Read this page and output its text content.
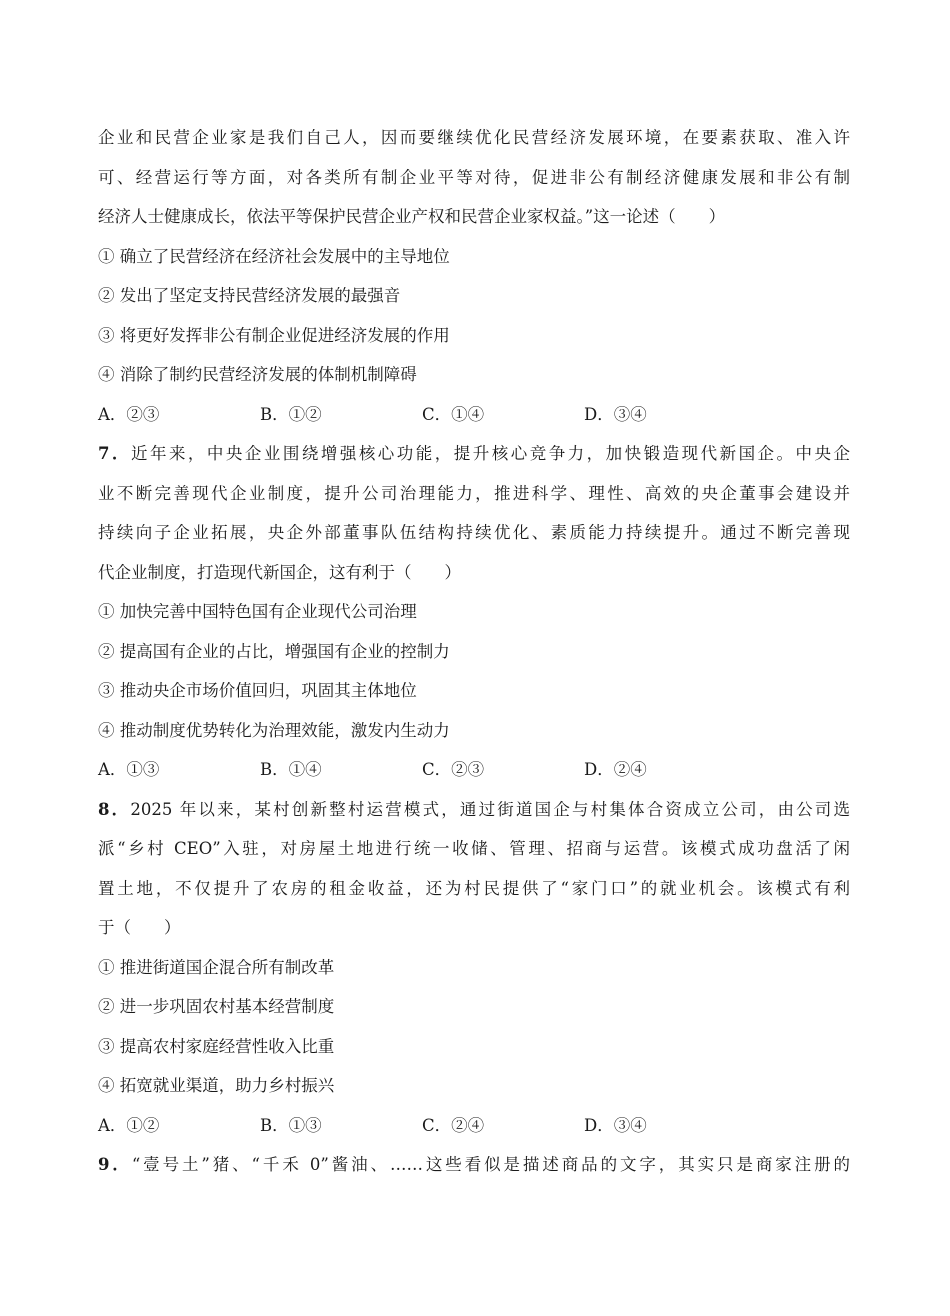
企业和民营企业家是我们自己人，因而要继续优化民营经济发展环境，在要素获取、准入许
可、经营运行等方面，对各类所有制企业平等对待，促进非公有制经济健康发展和非公有制
经济人士健康成长，依法平等保护民营企业产权和民营企业家权益。”这一论述（　　）
① 确立了民营经济在经济社会发展中的主导地位
② 发出了坚定支持民营经济发展的最强音
③ 将更好发挥非公有制企业促进经济发展的作用
④ 消除了制约民营经济发展的体制机制障碍
A．②③	B．①②	C．①④	D．③④
7．近年来，中央企业围绕增强核心功能，提升核心竞争力，加快锻造现代新国企。中央企
业不断完善现代企业制度，提升公司治理能力，推进科学、理性、高效的央企董事会建设并
持续向子企业拓展，央企外部董事队伍结构持续优化、素质能力持续提升。通过不断完善现
代企业制度，打造现代新国企，这有利于（　　）
① 加快完善中国特色国有企业现代公司治理
② 提高国有企业的占比，增强国有企业的控制力
③ 推动央企市场价值回归，巩固其主体地位
④ 推动制度优势转化为治理效能，激发内生动力
A．①③	B．①④	C．②③	D．②④
8．2025 年以来，某村创新整村运营模式，通过街道国企与村集体合资成立公司，由公司选
派“乡村 CEO”入驻，对房屋土地进行统一收储、管理、招商与运营。该模式成功盘活了闲
置土地，不仅提升了农房的租金收益，还为村民提供了“家门口”的就业机会。该模式有利
于（　　）
① 推进街道国企混合所有制改革
② 进一步巩固农村基本经营制度
③ 提高农村家庭经营性收入比重
④ 拓宽就业渠道，助力乡村振兴
A．①②	B．①③	C．②④	D．③④
9．“壹号土”猪、“千禾 0”酱油、……这些看似是描述商品的文字，其实只是商家注册的
